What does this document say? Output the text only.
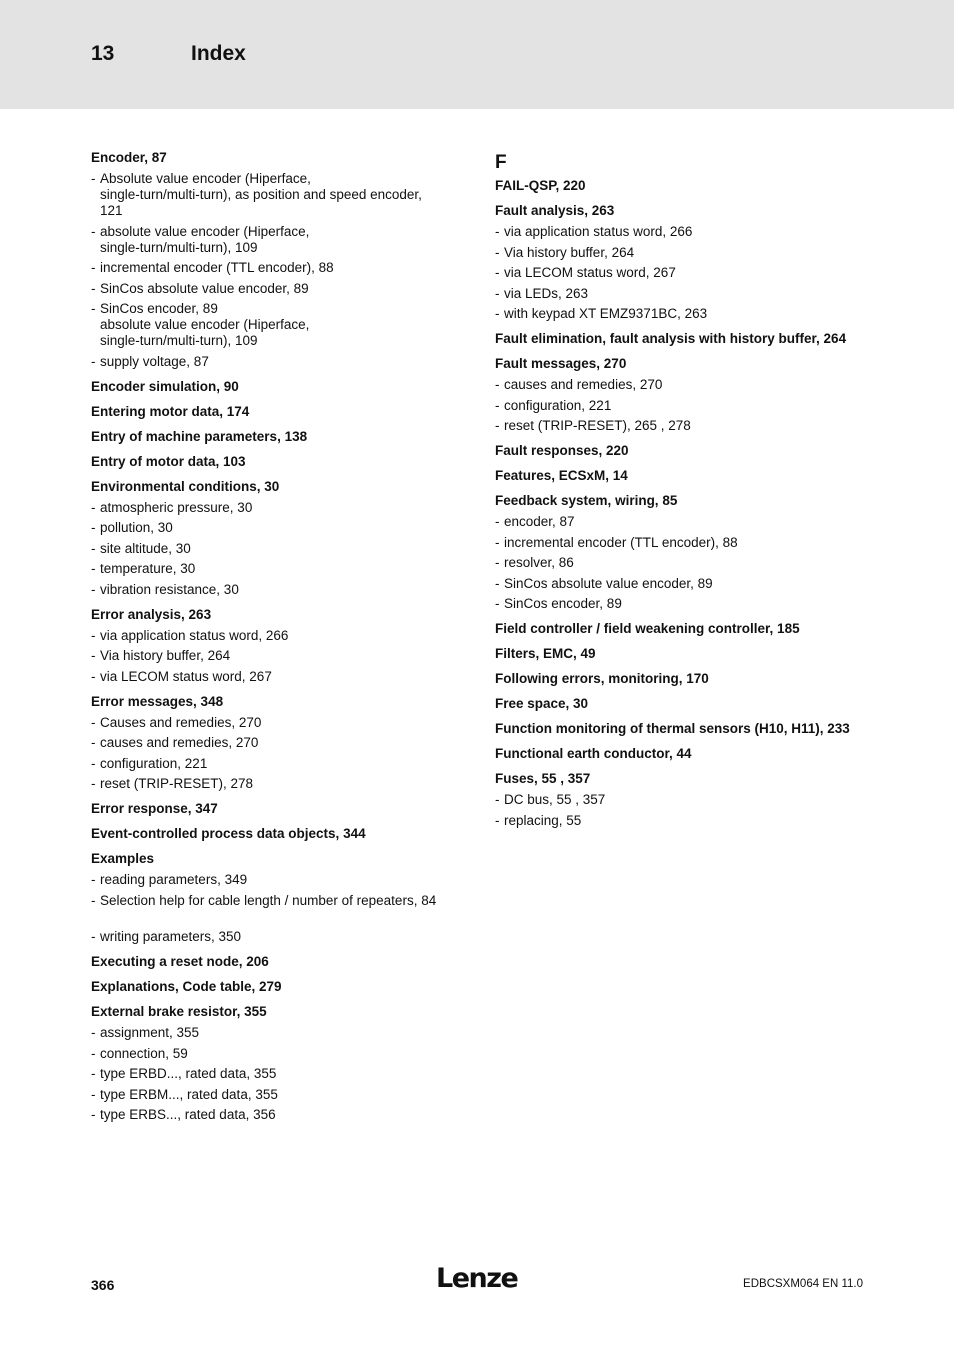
13	Index
Encoder, 87
- Absolute value encoder (Hiperface,
single-turn/multi-turn), as position and speed encoder,
121
- absolute value encoder (Hiperface,
single-turn/multi-turn), 109
- incremental encoder (TTL encoder), 88
- SinCos absolute value encoder, 89
- SinCos encoder, 89
absolute value encoder (Hiperface,
single-turn/multi-turn), 109
- supply voltage, 87
Encoder simulation, 90
Entering motor data, 174
Entry of machine parameters, 138
Entry of motor data, 103
Environmental conditions, 30
- atmospheric pressure, 30
- pollution, 30
- site altitude, 30
- temperature, 30
- vibration resistance, 30
Error analysis, 263
- via application status word, 266
- Via history buffer, 264
- via LECOM status word, 267
Error messages, 348
- Causes and remedies, 270
- causes and remedies, 270
- configuration, 221
- reset (TRIP-RESET), 278
Error response, 347
Event-controlled process data objects, 344
Examples
- reading parameters, 349
- Selection help for cable length / number of repeaters, 84
- writing parameters, 350
Executing a reset node, 206
Explanations, Code table, 279
External brake resistor, 355
- assignment, 355
- connection, 59
- type ERBD..., rated data, 355
- type ERBM..., rated data, 355
- type ERBS..., rated data, 356
F
FAIL-QSP, 220
Fault analysis, 263
- via application status word, 266
- Via history buffer, 264
- via LECOM status word, 267
- via LEDs, 263
- with keypad XT EMZ9371BC, 263
Fault elimination, fault analysis with history buffer, 264
Fault messages, 270
- causes and remedies, 270
- configuration, 221
- reset (TRIP-RESET), 265 , 278
Fault responses, 220
Features, ECSxM, 14
Feedback system, wiring, 85
- encoder, 87
- incremental encoder (TTL encoder), 88
- resolver, 86
- SinCos absolute value encoder, 89
- SinCos encoder, 89
Field controller / field weakening controller, 185
Filters, EMC, 49
Following errors, monitoring, 170
Free space, 30
Function monitoring of thermal sensors (H10, H11), 233
Functional earth conductor, 44
Fuses, 55 , 357
- DC bus, 55 , 357
- replacing, 55
366	Lenze	EDBCSXM064 EN 11.0
